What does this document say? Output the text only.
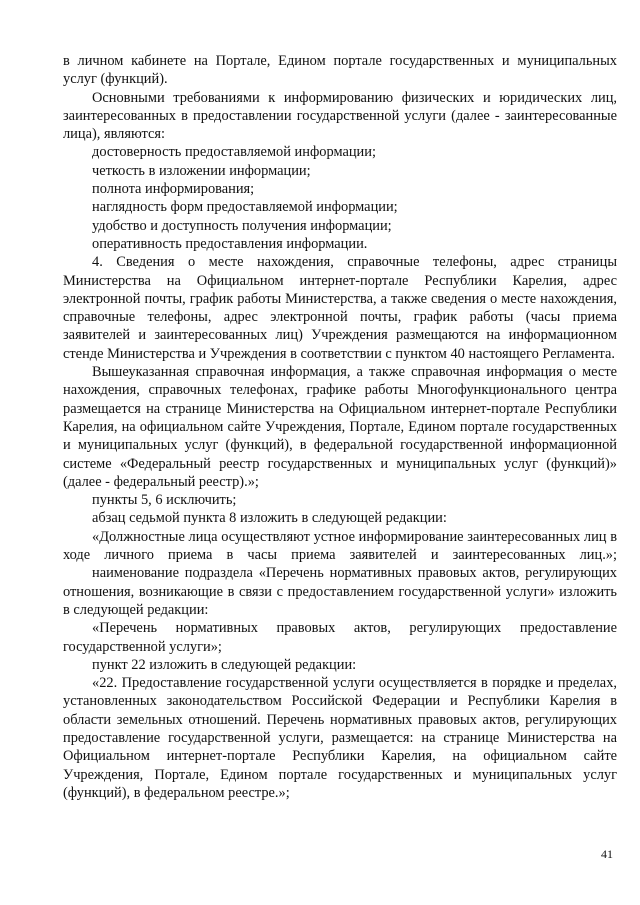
в личном кабинете на Портале, Едином портале государственных и муниципальных услуг (функций).

Основными требованиями к информированию физических и юридических лиц, заинтересованных в предоставлении государственной услуги (далее - заинтересованные лица), являются:

достоверность предоставляемой информации;

четкость в изложении информации;

полнота информирования;

наглядность форм предоставляемой информации;

удобство и доступность получения информации;

оперативность предоставления информации.

4. Сведения о месте нахождения, справочные телефоны, адрес страницы Министерства на Официальном интернет-портале Республики Карелия, адрес электронной почты, график работы Министерства, а также сведения о месте нахождения, справочные телефоны, адрес электронной почты, график работы (часы приема заявителей и заинтересованных лиц) Учреждения размещаются на информационном стенде Министерства и Учреждения в соответствии с пунктом 40 настоящего Регламента.

Вышеуказанная справочная информация, а также справочная информация о месте нахождения, справочных телефонах, графике работы Многофункционального центра размещается на странице Министерства на Официальном интернет-портале Республики Карелия, на официальном сайте Учреждения, Портале, Едином портале государственных и муниципальных услуг (функций), в федеральной государственной информационной системе «Федеральный реестр государственных и муниципальных услуг (функций)» (далее - федеральный реестр).»;

пункты 5, 6 исключить;

абзац седьмой пункта 8 изложить в следующей редакции:

«Должностные лица осуществляют устное информирование заинтересованных лиц в ходе личного приема в часы приема заявителей и заинтересованных лиц.»;

наименование подраздела «Перечень нормативных правовых актов, регулирующих отношения, возникающие в связи с предоставлением государственной услуги» изложить в следующей редакции:

«Перечень нормативных правовых актов, регулирующих предоставление государственной услуги»;

пункт 22 изложить в следующей редакции:

«22. Предоставление государственной услуги осуществляется в порядке и пределах, установленных законодательством Российской Федерации и Республики Карелия в области земельных отношений. Перечень нормативных правовых актов, регулирующих предоставление государственной услуги, размещается: на странице Министерства на Официальном интернет-портале Республики Карелия, на официальном сайте Учреждения, Портале, Едином портале государственных и муниципальных услуг (функций), в федеральном реестре.»;

41
